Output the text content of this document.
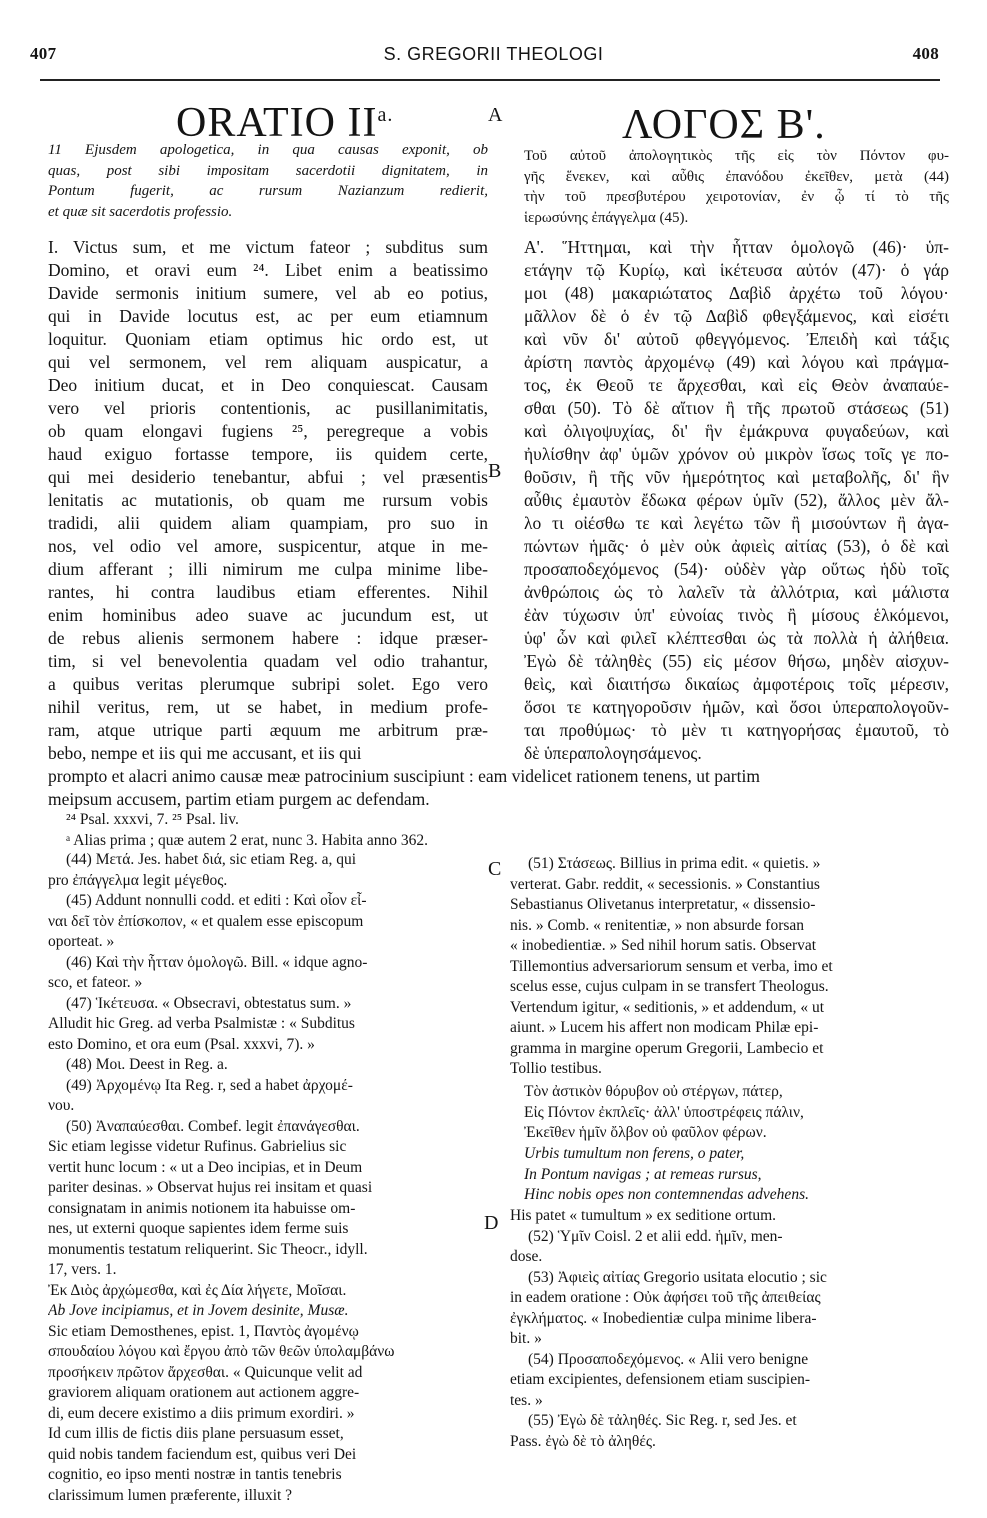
407	S. GREGORII THEOLOGI	408
ORATIO $II^{a.}$	A	ΛΟΓΟΣ Β'.
11 Ejusdem apologetica, in qua causas exponit, ob
quas, post sibi impositam sacerdotii dignitatem, in
Pontum fugerit, ac rursum Nazianzum redierit,
et quæ sit sacerdotis professio.
Τοῦ αὐτοῦ ἀπολογητικὸς τῆς εἰς τὸν Πόντον φυ-
γῆς ἕνεκεν, καὶ αὖθις ἐπανόδου ἐκεῖθεν, μετὰ (44)
τὴν τοῦ πρεσβυτέρου χειροτονίαν, ἐν ᾧ τί τὸ τῆς
ἱερωσύνης ἐπάγγελμα (45).
I. Victus sum, et me victum fateor ; subditus sum
Domino, et oravi eum ²⁴. Libet enim a beatissimo
Davide sermonis initium sumere, vel ab eo potius,
qui in Davide locutus est, ac per eum etiamnum
loquitur. Quoniam etiam optimus hic ordo est, ut
qui vel sermonem, vel rem aliquam auspicatur, a
Deo initium ducat, et in Deo conquiescat. Causam
vero vel prioris contentionis, ac pusillanimitatis,
ob quam elongavi fugiens ²⁵, peregreque a vobis
haud exiguo fortasse tempore, iis quidem certe,
qui mei desiderio tenebantur, abfui ; vel præsentis
lenitatis ac mutationis, ob quam me rursum vobis
tradidi, alii quidem aliam quampiam, pro suo in
nos, vel odio vel amore, suspicentur, atque in me-
dium afferant ; illi nimirum me culpa minime libe-
rantes, hi contra laudibus etiam efferentes. Nihil
enim hominibus adeo suave ac jucundum est, ut
de rebus alienis sermonem habere : idque præser-
tim, si vel benevolentia quadam vel odio trahantur,
a quibus veritas plerumque subripi solet. Ego vero
nihil veritus, rem, ut se habet, in medium profe-
ram, atque utrique parti æquum me arbitrum præ-
bebo, nempe et iis qui me accusant, et iis qui
Α'. Ἥττημαι, καὶ τὴν ἧτταν ὁμολογῶ (46)· ὑπ-
ετάγην τῷ Κυρίῳ, καὶ ἱκέτευσα αὐτόν (47)· ὁ γάρ
μοι (48) μακαριώτατος Δαβὶδ ἀρχέτω τοῦ λόγου·
μᾶλλον δὲ ὁ ἐν τῷ Δαβὶδ φθεγξάμενος, καὶ εἰσέτι
καὶ νῦν δι' αὐτοῦ φθεγγόμενος. Ἐπειδὴ καὶ τάξις
ἀρίστη παντὸς ἀρχομένῳ (49) καὶ λόγου καὶ πράγμα-
τος, ἐκ Θεοῦ τε ἄρχεσθαι, καὶ εἰς Θεὸν ἀναπαύε-
σθαι (50). Τὸ δὲ αἴτιον ἢ τῆς πρωτοῦ στάσεως (51)
καὶ ὀλιγοψυχίας, δι' ἣν ἐμάκρυνα φυγαδεύων, καὶ
ἠυλίσθην ἀφ' ὑμῶν χρόνον οὐ μικρὸν ἴσως τοῖς γε πο-
θοῦσιν, ἢ τῆς νῦν ἡμερότητος καὶ μεταβολῆς, δι' ἣν
αὖθις ἐμαυτὸν ἔδωκα φέρων ὑμῖν (52), ἄλλος μὲν ἄλ-
λο τι οἰέσθω τε καὶ λεγέτω τῶν ἢ μισούντων ἢ ἀγα-
πώντων ἡμᾶς· ὁ μὲν οὐκ ἀφιεὶς αἰτίας (53), ὁ δὲ καὶ
προσαποδεχόμενος (54)· οὐδὲν γὰρ οὕτως ἡδὺ τοῖς
ἀνθρώποις ὡς τὸ λαλεῖν τὰ ἀλλότρια, καὶ μάλιστα
ἐὰν τύχωσιν ὑπ' εὐνοίας τινὸς ἢ μίσους ἑλκόμενοι,
ὑφ' ὧν καὶ φιλεῖ κλέπτεσθαι ὡς τὰ πολλὰ ἡ ἀλήθεια.
Ἐγὼ δὲ τἀληθὲς (55) εἰς μέσον θήσω, μηδὲν αἰσχυν-
θεὶς, καὶ διαιτήσω δικαίως ἀμφοτέροις τοῖς μέρεσιν,
ὅσοι τε κατηγοροῦσιν ἡμῶν, καὶ ὅσοι ὑπεραπολογοῦν-
ται προθύμως· τὸ μὲν τι κατηγορήσας ἐμαυτοῦ, τὸ
δὲ ὑπεραπολογησάμενος.
B
prompto et alacri animo causæ meæ patrocinium suscipiunt : eam videlicet rationem tenens, ut partim
meipsum accusem, partim etiam purgem ac defendam.
²⁴ Psal. xxxvi, 7. ²⁵ Psal. liv.
ᵃ Alias prima ; quæ autem 2 erat, nunc 3. Habita anno 362.
C
(44) Μετά. Jes. habet διά, sic etiam Reg. a, qui
pro ἐπάγγελμα legit μέγεθος.
(45) Addunt nonnulli codd. et editi : Καὶ οἷον εἶ-
ναι δεῖ τὸν ἐπίσκοπον, « et qualem esse episcopum
oporteat. »
(46) Καὶ τὴν ἧτταν ὁμολογῶ. Bill. « idque agno-
sco, et fateor. »
(47) Ἱκέτευσα. « Obsecravi, obtestatus sum. »
Alludit hic Greg. ad verba Psalmistæ : « Subditus
esto Domino, et ora eum (Psal. xxxvi, 7). »
(48) Μοι. Deest in Reg. a.
(49) Ἀρχομένῳ Ita Reg. r, sed a habet ἀρχομέ-
νου.
(50) Ἀναπαύεσθαι. Combef. legit ἐπανάγεσθαι.
Sic etiam legisse videtur Rufinus. Gabrielius sic
vertit hunc locum : « ut a Deo incipias, et in Deum
pariter desinas. » Observat hujus rei insitam et quasi
consignatam in animis notionem ita habuisse om-
nes, ut externi quoque sapientes idem ferme suis
monumentis testatum reliquerint. Sic Theocr., idyll.
17, vers. 1.
Ἐκ Διὸς ἀρχώμεσθα, καὶ ἐς Δία λήγετε, Μοῖσαι.
Ab Jove incipiamus, et in Jovem desinite, Musæ.
Sic etiam Demosthenes, epist. 1, Παντὸς ἀγομένῳ
σπουδαίου λόγου καὶ ἔργου ἀπὸ τῶν θεῶν ὑπολαμβάνω
προσήκειν πρῶτον ἄρχεσθαι. « Quicunque velit ad
graviorem aliquam orationem aut actionem aggre-
di, eum decere existimo a diis primum exordiri. »
Id cum illis de fictis diis plane persuasum esset,
quid nobis tandem faciendum est, quibus veri Dei
cognitio, eo ipso menti nostræ in tantis tenebris
clarissimum lumen præferente, illuxit ?
(51) Στάσεως. Billius in prima edit. « quietis. »
verterat. Gabr. reddit, « secessionis. » Constantius
Sebastianus Olivetanus interpretatur, « dissensio-
nis. » Comb. « renitentiæ, » non absurde forsan
« inobedientiæ. » Sed nihil horum satis. Observat
Tillemontius adversariorum sensum et verba, imo et
scelus esse, cujus culpam in se transfert Theologus.
Vertendum igitur, « seditionis, » et addendum, « ut
aiunt. » Lucem his affert non modicam Philæ epi-
gramma in margine operum Gregorii, Lambecio et
Tollio testibus.
Τὸν ἀστικὸν θόρυβον οὐ στέργων, πάτερ,
Εἰς Πόντον ἐκπλεῖς· ἀλλ' ὑποστρέφεις πάλιν,
Ἐκεῖθεν ἡμῖν ὄλβον οὐ φαῦλον φέρων.
Urbis tumultum non ferens, o pater,
In Pontum navigas ; at remeas rursus,
Hinc nobis opes non contemnendas advehens.
D His patet « tumultum » ex seditione ortum.
(52) Ὑμῖν Coisl. 2 et alii edd. ἡμῖν, men-
dose.
(53) Ἀφιεὶς αἰτίας Gregorio usitata elocutio ; sic
in eadem oratione : Οὐκ ἀφήσει τοῦ τῆς ἀπειθείας
ἐγκλήματος. « Inobedientiæ culpa minime libera-
bit. »
(54) Προσαποδεχόμενος. « Alii vero benigne
etiam excipientes, defensionem etiam suscipien-
tes. »
(55) Ἐγὼ δὲ τἀληθές. Sic Reg. r, sed Jes. et
Pass. ἐγὼ δὲ τὸ ἀληθές.
